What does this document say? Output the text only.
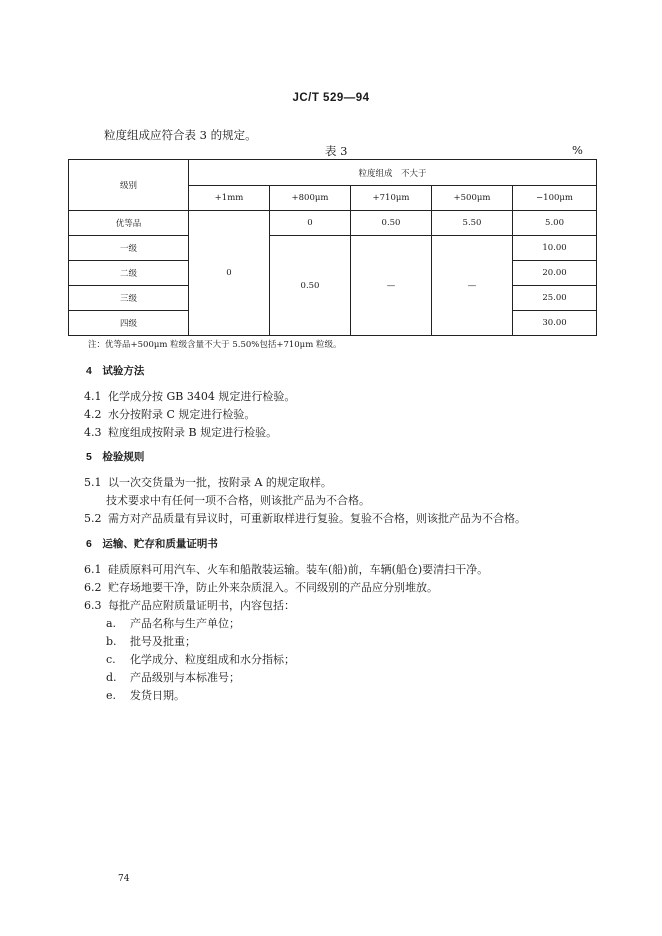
JC/T 529—94
粒度组成应符合表 3 的规定。
表 3	%
级别	粒度组成　不大于				
	+1mm	+800μm	+710μm	+500μm	−100μm
优等品	0	0	0.50	5.50	5.00
一级		0.50	—	—	10.00
二级					20.00
三级					25.00
四级					30.00
注：优等品+500μm 粒级含量不大于 5.50%包括+710μm 粒级。
4　试验方法
4.1 化学成分按 GB 3404 规定进行检验。
4.2 水分按附录 C 规定进行检验。
4.3 粒度组成按附录 B 规定进行检验。
5　检验规则
5.1 以一次交货量为一批，按附录 A 的规定取样。
技术要求中有任何一项不合格，则该批产品为不合格。
5.2 需方对产品质量有异议时，可重新取样进行复验。复验不合格，则该批产品为不合格。
6　运输、贮存和质量证明书
6.1 硅质原料可用汽车、火车和船散装运输。装车(船)前，车辆(船仓)要清扫干净。
6.2 贮存场地要干净，防止外来杂质混入。不同级别的产品应分别堆放。
6.3 每批产品应附质量证明书，内容包括：
a. 产品名称与生产单位；
b. 批号及批重；
c. 化学成分、粒度组成和水分指标；
d. 产品级别与本标准号；
e. 发货日期。
74
